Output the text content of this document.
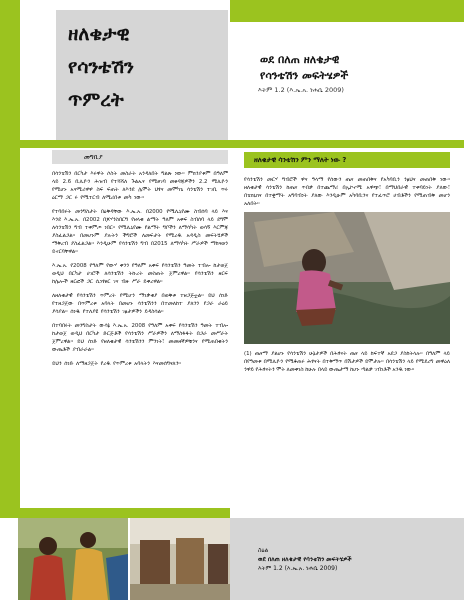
ዘለቄታዊ
የሳንቴሽን
ጥምረት
ወደ በለጠ ዘለቄታዊ
የሳንቴሽን መፍትሄዎች
እትም 1.2 (እ.ኤ.አ. ነሐሴ 2009)
መግቢያ

በሳንቴሽን በርካታ እሩዋት ሶስት መስራት አንዳለበት ግልጽ ነው፡፡ ምክንያቱም በዓለም ላይ 2.6 ቢሊዮን ሕዝብ የተሻሻለ ጉልኡና የሚፀገባ መፀዳጃዎችን 2.2 ሚሊዮን የሚሆኑ አናሚሪዋዋ ስፍ ፍጠት ለእንደ ሌሞት ህፃና መሞካጌ ሳንቴሽን ተገቢ ጥሩ ዕርማ ጋር ሩ የሚተርብ ለሚሪበቱ መካ ነው፡፡

የተባበሩት መንግስታት በዕቅዳቸው እ.ኤ.አ. በ2000 የሚሊኒየሙ ስብሰባ ላይ እና እንደ እ.ኤ.አ. በ2002 በጆሃንስበርግ የዘላቂ ልማት ዓለም አቀፍ ስብሰባ ላይ ደግሞ ለሳንቴሽን ግብ ተቀምጦ ነበር፡፡ የሚሊኒየሙ የልማት ግቦችን ለማሳካት ወሳኝ እርምጃ ያስፈልጋል፡፡ በመሆኑም ያሉትን ችግሮች ለመፍታት የሚረዱ አዳዲስ መፍትሄዎች ማቅረብ ያስፈልጋል፡፡ እንዲሁም የሳንቴሽን ግብ በ2015 ለማሳካት ሥራዎች ማከናወን ይኖርባቸዋል፡፡

እ.ኤ.አ. የ2008 የዓለም የውሃ ቀንን የዓለም አቀፍ የሳንቴሽን ዓመት ተብሎ ከታወጀ ወዲህ በርካታ ሀገሮች ለሳንቴሽን ትኩረት መስጠት ጀምረዋል፡፡ የሳንቴሽን ዘርፍ ከሌሎች ዘርፎች ጋር ሲነፃፀር ገና ብዙ ሥራ ይቀረዋል፡፡

ለዘለቄታዊ የሳንቴሽን ጥምረት የሚሆን ማነቃቂያ በወቅቱ ተዘጋጅቷል፡፡ ይህ ሰነድ የተዘጋጀው በጥምረቱ አባላት በመሆኑ ሳንቴሽንን በተመለከተ ያለንን የጋራ ራዕይ ያሳያል፡፡ ሰነዱ የተለያዩ የሳንቴሽን ገፅታዎችን ይዳስሳል፡፡

በተባበሩት መንግስታት ውሳኔ እ.ኤ.አ. 2008 የዓለም አቀፍ የሳንቴሽን ዓመት ተብሎ ከታወጀ ወዲህ በርካታ ድርጅቶች የሳንቴሽን ሥራዎችን ለማስፋፋት በጋራ መሥራት ጀምረዋል፡፡ ይህ ሰነድ የዘለቄታዊ ሳንቴሽንን ምንነት፣ መመዘኛዎቹንና የሚጠበቁትን ውጤቶች ያብራራል፡፡

ይህን ሰነድ ለማዘጋጀት የረዱ የጥምረቱ አባላትን እናመሰግናለን፡፡

ዘለቄታዊ ሳንቴሽን ምን ማለት ነው ?

የሳንቴሽን መርሃ ግብሮች ዋና ዓላማ የሰውን ጤና መጠበቅና የአካባቢን ንፅህና መጠበቅ ነው፡፡ ዘለቄታዊ ሳንቴሽን ከጤና ጥበቃ በተጨማሪ በኢኮኖሚ አዋጭ፣ በማህበራዊ ተቀባይነት ያለው፣ በቴክኒክና በተቋማት አግባብነት ያለው እንዲሁም አካባቢንና የተፈጥሮ ሀብቶችን የሚጠብቅ መሆን አለበት፡፡

(1) ጤናማ ያልሆኑ የሳንቴሽን ሁኔታዎች በሕፃናት ጤና ላይ ከፍተኛ አደጋ ያስከትላሉ፡፡ በዓለም ላይ በየዓመቱ በሚሊዮን የሚቆጠሩ ሕፃናት በተቅማጥ በሽታዎች ይሞታሉ፡፡ በሳንቴሽን ላይ የሚደረግ መዋዕለ ንዋይ የሕፃናትን ሞት ለመቀነስ ከሁሉ በላይ ውጤታማ ከሆኑ ጣልቃ ገብነቶች አንዱ ነው፡፡

ስዕል
ወደ በለጠ ዘለቄታዊ የሳንቴሽን መፍትሄዎች
እትም 1.2 (እ.ኤ.አ. ነሐሴ 2009)
